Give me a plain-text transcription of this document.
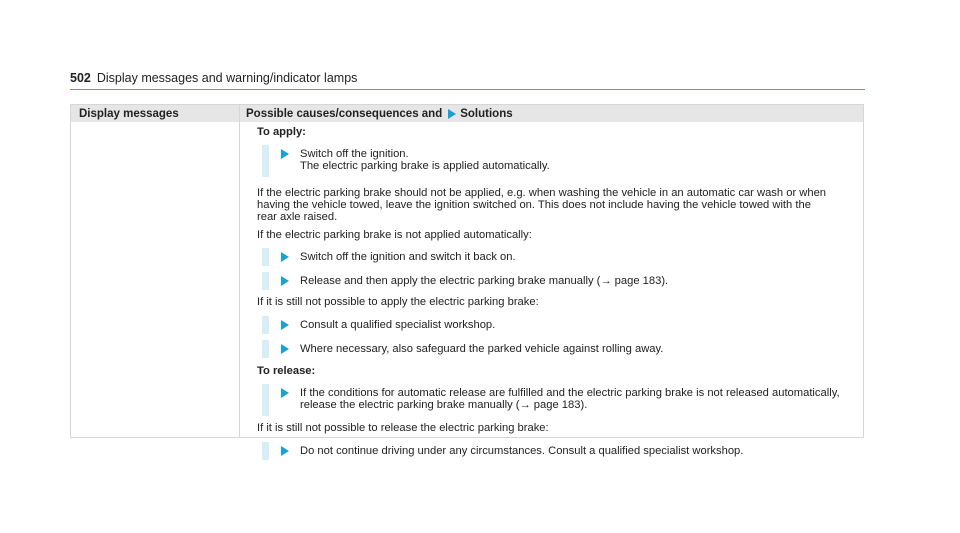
502 Display messages and warning/indicator lamps
Display messages	Possible causes/consequences and Solutions
To apply:
Switch off the ignition.
The electric parking brake is applied automatically.
If the electric parking brake should not be applied, e.g. when washing the vehicle in an automatic car wash or when
having the vehicle towed, leave the ignition switched on. This does not include having the vehicle towed with the
rear axle raised.
If the electric parking brake is not applied automatically:
Switch off the ignition and switch it back on.
Release and then apply the electric parking brake manually (→ page 183).
If it is still not possible to apply the electric parking brake:
Consult a qualified specialist workshop.
Where necessary, also safeguard the parked vehicle against rolling away.
To release:
If the conditions for automatic release are fulfilled and the electric parking brake is not released automatically,
release the electric parking brake manually (→ page 183).
If it is still not possible to release the electric parking brake:
Do not continue driving under any circumstances. Consult a qualified specialist workshop.
